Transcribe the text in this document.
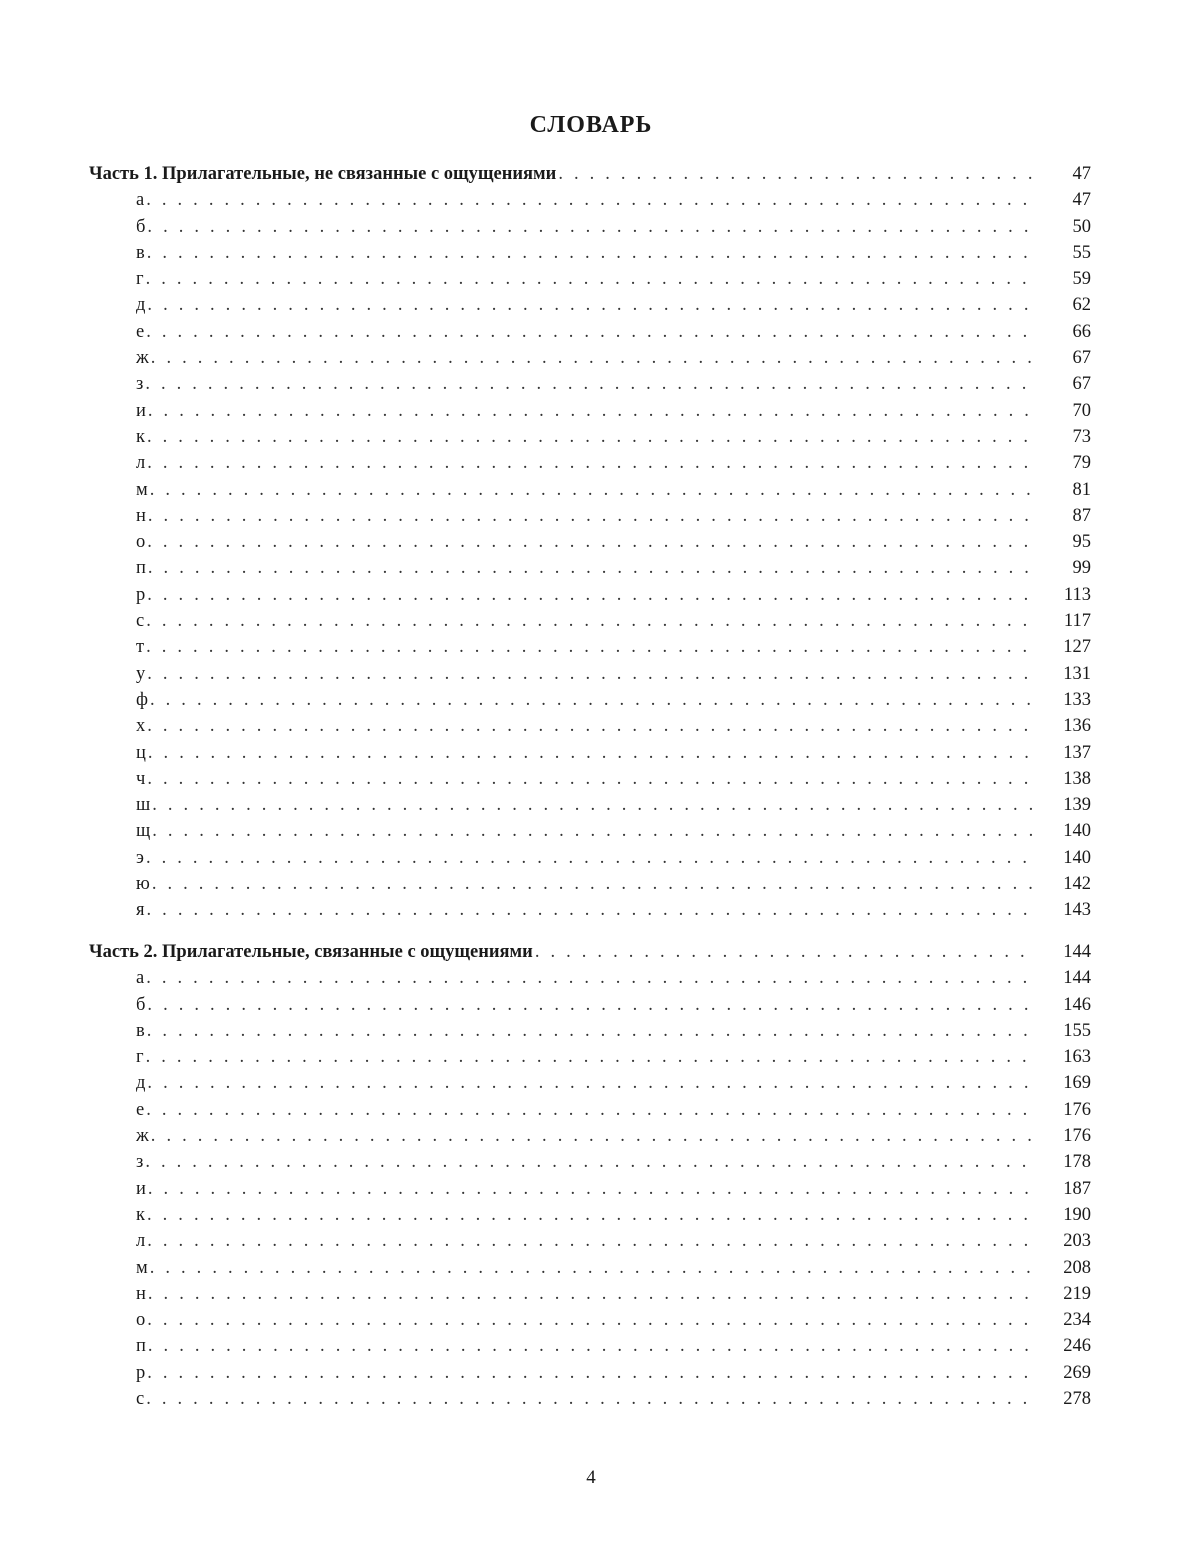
СЛОВАРЬ
Часть 1. Прилагательные, не связанные с ощущениями . . .	47
а . . .	47
б . . .	50
в . . .	55
г . . .	59
д . . .	62
е . . .	66
ж . . .	67
з . . .	67
и . . .	70
к . . .	73
л . . .	79
м . . .	81
н . . .	87
о . . .	95
п . . .	99
р . . .	113
с . . .	117
т . . .	127
у . . .	131
ф . . .	133
х . . .	136
ц . . .	137
ч . . .	138
ш . . .	139
щ . . .	140
э . . .	140
ю . . .	142
я . . .	143
Часть 2. Прилагательные, связанные с ощущениями . . .	144
а . . .	144
б . . .	146
в . . .	155
г . . .	163
д . . .	169
е . . .	176
ж . . .	176
з . . .	178
и . . .	187
к . . .	190
л . . .	203
м . . .	208
н . . .	219
о . . .	234
п . . .	246
р . . .	269
с . . .	278
4
